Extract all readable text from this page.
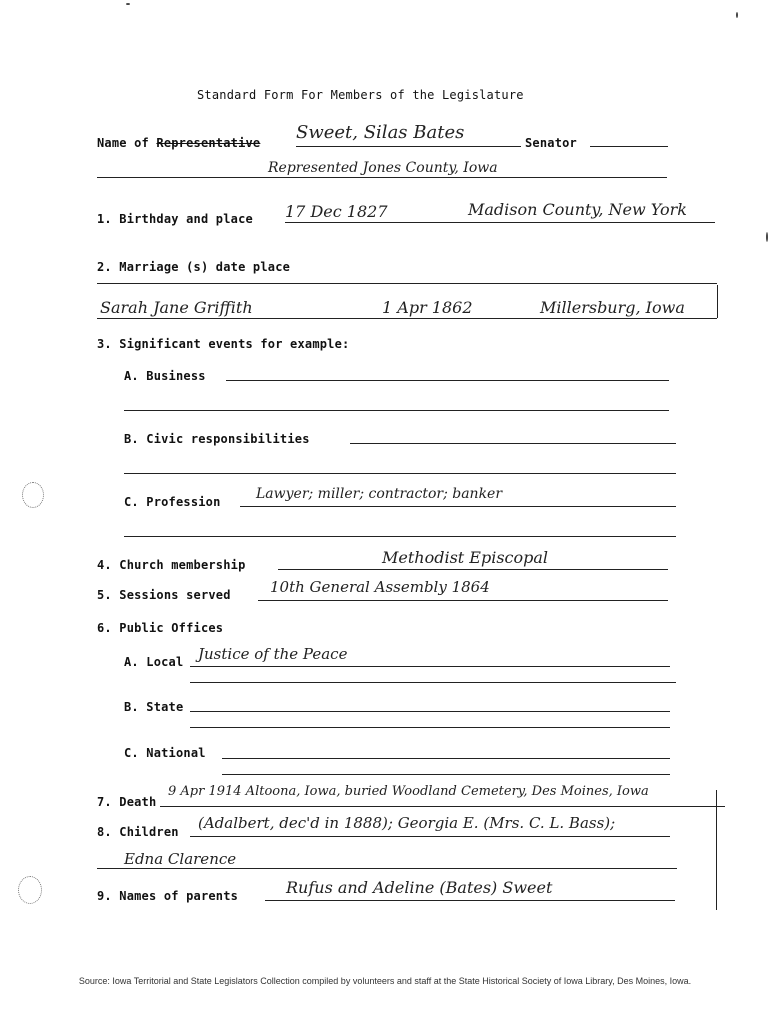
Standard Form For Members of the Legislature
Name of Representative Sweet, Silas Bates	Senator
Represented Jones County, Iowa
1. Birthday and place 17 Dec 1827	Madison County, New York
2. Marriage (s) date place
Sarah Jane Griffith	1 Apr 1862	Millersburg, Iowa
3. Significant events for example:
A. Business
B. Civic responsibilities
C. Profession	Lawyer; miller; contractor; banker
4. Church membership	Methodist Episcopal
5. Sessions served	10th General Assembly 1864
6. Public Offices
A. Local Justice of the Peace
B. State
C. National
7. Death
9 Apr 1914 Altoona, Iowa, buried Woodland Cemetery, Des Moines, Iowa
8. Children (Adalbert, dec'd in 1888); Georgia E. (Mrs. C. L. Bass);
Edna Clarence
9. Names of parents	Rufus and Adeline (Bates) Sweet
Source: Iowa Territorial and State Legislators Collection compiled by volunteers and staff at the State Historical Society of Iowa Library, Des Moines, Iowa.
